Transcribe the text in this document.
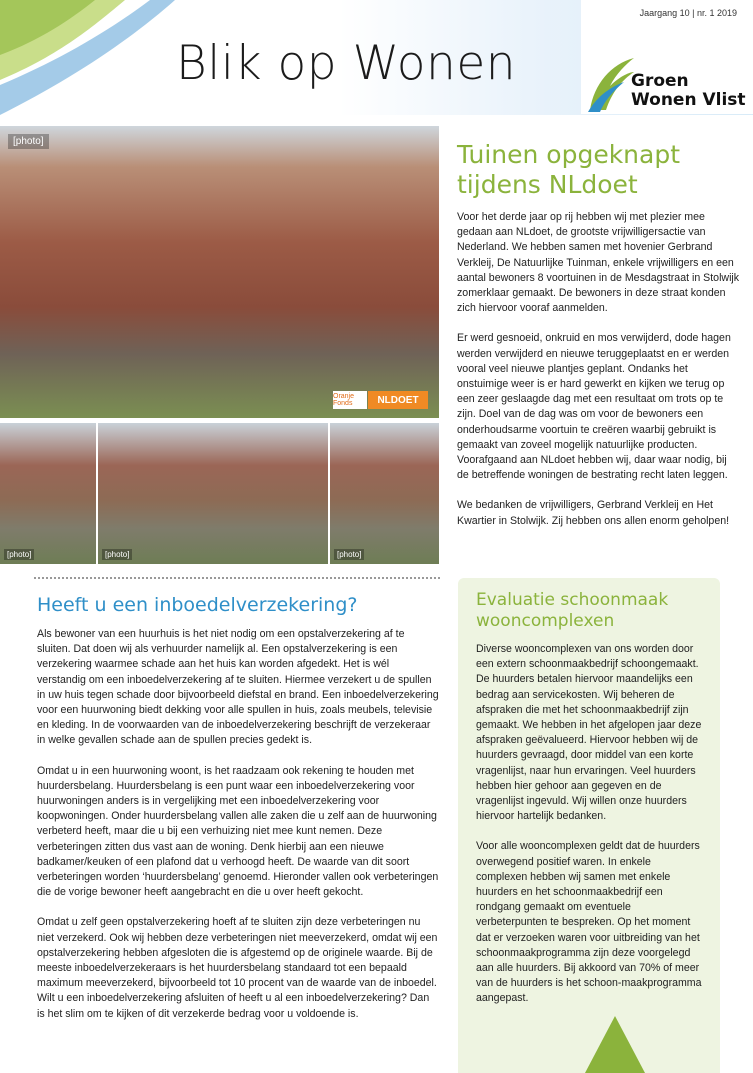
Blik op Wonen
Jaargang 10 | nr. 1 2019
Groen
Wonen Vlist
[photo]
Oranje Fonds	NLDOET
[photo]	[photo]	[photo]
Tuinen opgeknapt tijdens NLdoet

Voor het derde jaar op rij hebben wij met plezier mee gedaan aan NLdoet, de grootste vrijwilligersactie van Nederland. We hebben samen met hovenier Gerbrand Verkleij, De Natuurlijke Tuinman, enkele vrijwilligers en een aantal bewoners 8 voortuinen in de Mesdagstraat in Stolwijk zomerklaar gemaakt. De bewoners in deze straat konden zich hiervoor vooraf aanmelden.

Er werd gesnoeid, onkruid en mos verwijderd, dode hagen werden verwijderd en nieuwe teruggeplaatst en er werden vooral veel nieuwe plantjes geplant. Ondanks het onstuimige weer is er hard gewerkt en kijken we terug op een zeer geslaagde dag met een resultaat om trots op te zijn. Doel van de dag was om voor de bewoners een onderhoudsarme voortuin te creëren waarbij gebruikt is gemaakt van zoveel mogelijk natuurlijke producten. Voorafgaand aan NLdoet hebben wij, daar waar nodig, bij de betreffende woningen de bestrating recht laten leggen.

We bedanken de vrijwilligers, Gerbrand Verkleij en Het Kwartier in Stolwijk. Zij hebben ons allen enorm geholpen!

Heeft u een inboedelverzekering?

Als bewoner van een huurhuis is het niet nodig om een opstalverzekering af te sluiten. Dat doen wij als verhuurder namelijk al. Een opstalverzekering is een verzekering waarmee schade aan het huis kan worden afgedekt. Het is wél verstandig om een inboedelverzekering af te sluiten. Hiermee verzekert u de spullen in uw huis tegen schade door bijvoorbeeld diefstal en brand. Een inboedelverzekering voor een huurwoning biedt dekking voor alle spullen in huis, zoals meubels, televisie en kleding. In de voorwaarden van de inboedelverzekering beschrijft de verzekeraar in welke gevallen schade aan de spullen precies gedekt is.

Omdat u in een huurwoning woont, is het raadzaam ook rekening te houden met huurdersbelang. Huurdersbelang is een punt waar een inboedelverzekering voor huurwoningen anders is in vergelijking met een inboedelverzekering voor koopwoningen. Onder huurdersbelang vallen alle zaken die u zelf aan de huurwoning verbeterd heeft, maar die u bij een verhuizing niet mee kunt nemen. Deze verbeteringen zitten dus vast aan de woning. Denk hierbij aan een nieuwe badkamer/keuken of een plafond dat u verhoogd heeft. De waarde van dit soort verbeteringen worden ‘huurdersbelang’ genoemd. Hieronder vallen ook verbeteringen die de vorige bewoner heeft aangebracht en die u over heeft gekocht.

Omdat u zelf geen opstalverzekering hoeft af te sluiten zijn deze verbeteringen nu niet verzekerd. Ook wij hebben deze verbeteringen niet meeverzekerd, omdat wij een opstalverzekering hebben afgesloten die is afgestemd op de originele waarde. Bij de meeste inboedelverzekeraars is het huurdersbelang standaard tot een bepaald maximum meeverzekerd, bijvoorbeeld tot 10 procent van de waarde van de inboedel. Wilt u een inboedelverzekering afsluiten of heeft u al een inboedelverzekering? Dan is het slim om te kijken of dit verzekerde bedrag voor u voldoende is.

Evaluatie schoonmaak wooncomplexen

Diverse wooncomplexen van ons worden door een extern schoonmaakbedrijf schoongemaakt. De huurders betalen hiervoor maandelijks een bedrag aan servicekosten. Wij beheren de afspraken die met het schoonmaakbedrijf zijn gemaakt. We hebben in het afgelopen jaar deze afspraken geëvalueerd. Hiervoor hebben wij de huurders gevraagd, door middel van een korte vragenlijst, naar hun ervaringen. Veel huurders hebben hier gehoor aan gegeven en de vragenlijst ingevuld. Wij willen onze huurders hiervoor hartelijk bedanken.

Voor alle wooncomplexen geldt dat de huurders overwegend positief waren. In enkele complexen hebben wij samen met enkele huurders en het schoonmaakbedrijf een rondgang gemaakt om eventuele verbeterpunten te bespreken. Op het moment dat er verzoeken waren voor uitbreiding van het schoonmaakprogramma zijn deze voorgelegd aan alle huurders. Bij akkoord van 70% of meer van de huurders is het schoon-maakprogramma aangepast.
